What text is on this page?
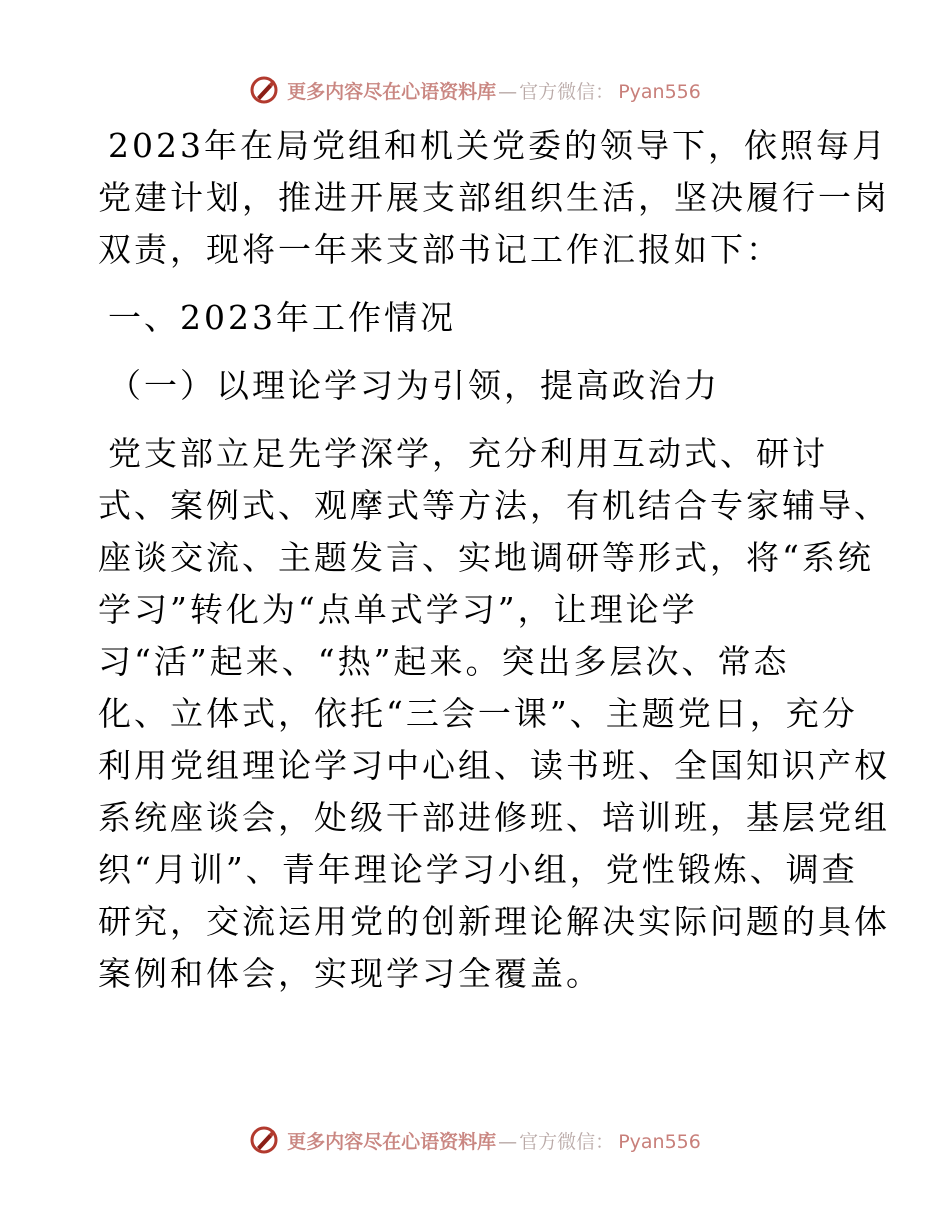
更多内容尽在心语资料库 — 官方微信： Pyan556
2023年在局党组和机关党委的领导下，依照每月
党建计划，推进开展支部组织生活，坚决履行一岗
双责，现将一年来支部书记工作汇报如下：
一、2023年工作情况
（一）以理论学习为引领，提高政治力
党支部立足先学深学，充分利用互动式、研讨
式、案例式、观摩式等方法，有机结合专家辅导、
座谈交流、主题发言、实地调研等形式，将“系统
学习”转化为“点单式学习”，让理论学
习“活”起来、“热”起来。突出多层次、常态
化、立体式，依托“三会一课”、主题党日，充分
利用党组理论学习中心组、读书班、全国知识产权
系统座谈会，处级干部进修班、培训班，基层党组
织“月训”、青年理论学习小组，党性锻炼、调查
研究，交流运用党的创新理论解决实际问题的具体
案例和体会，实现学习全覆盖。
更多内容尽在心语资料库 — 官方微信： Pyan556
